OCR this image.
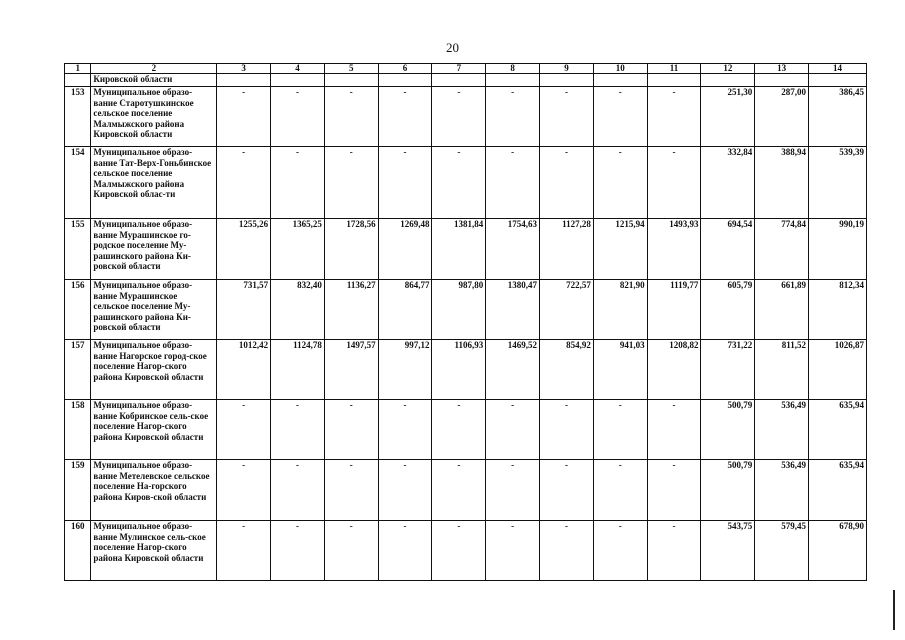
20
1	2	3	4	5	6	7	8	9	10	11	12	13	14
	Кировской области												
153	Муниципальное образо-вание Старотушкинское сельское поселение Малмыжского района Кировской области	-	-	-	-	-	-	-	-	-	251,30	287,00	386,45
154	Муниципальное образо-вание Тат-Верх-Гоньбинское сельское поселение Малмыжского района Кировской облас-ти	-	-	-	-	-	-	-	-	-	332,84	388,94	539,39
155	Муниципальное образо-вание Мурашинское го-родское поселение Му-рашинского района Ки-ровской области	1255,26	1365,25	1728,56	1269,48	1381,84	1754,63	1127,28	1215,94	1493,93	694,54	774,84	990,19
156	Муниципальное образо-вание Мурашинское сельское поселение Му-рашинского района Ки-ровской области	731,57	832,40	1136,27	864,77	987,80	1380,47	722,57	821,90	1119,77	605,79	661,89	812,34
157	Муниципальное образо-вание Нагорское город-ское поселение Нагор-ского района Кировской области	1012,42	1124,78	1497,57	997,12	1106,93	1469,52	854,92	941,03	1208,82	731,22	811,52	1026,87
158	Муниципальное образо-вание Кобринское сель-ское поселение Нагор-ского района Кировской области	-	-	-	-	-	-	-	-	-	500,79	536,49	635,94
159	Муниципальное образо-вание Метелевское сельское поселение На-горского района Киров-ской области	-	-	-	-	-	-	-	-	-	500,79	536,49	635,94
160	Муниципальное образо-вание Мулинское сель-ское поселение Нагор-ского района Кировской области	-	-	-	-	-	-	-	-	-	543,75	579,45	678,90
